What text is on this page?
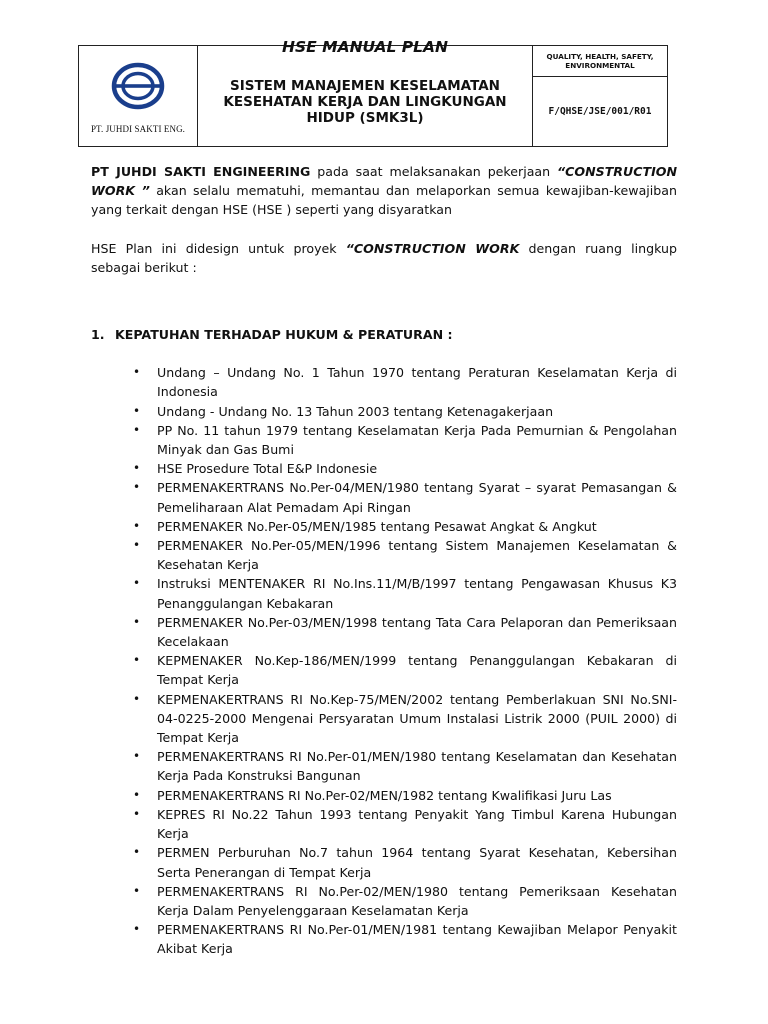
PT. JUHDI SAKTI ENG.

HSE MANUAL PLAN
SISTEM MANAJEMEN KESELAMATAN KESEHATAN KERJA DAN LINGKUNGAN HIDUP (SMK3L)

QUALITY, HEALTH, SAFETY, ENVIRONMENTAL

F/QHSE/JSE/001/R01

PT JUHDI SAKTI ENGINEERING pada saat melaksanakan pekerjaan “CONSTRUCTION WORK ” akan selalu mematuhi, memantau dan melaporkan semua kewajiban-kewajiban yang terkait dengan HSE (HSE ) seperti yang disyaratkan

HSE Plan ini didesign untuk proyek “CONSTRUCTION WORK dengan ruang lingkup sebagai berikut :

1. KEPATUHAN TERHADAP HUKUM & PERATURAN :
• Undang – Undang No. 1 Tahun 1970 tentang Peraturan Keselamatan Kerja di Indonesia
• Undang - Undang No. 13 Tahun 2003 tentang Ketenagakerjaan
• PP No. 11 tahun 1979 tentang Keselamatan Kerja Pada Pemurnian & Pengolahan Minyak dan Gas Bumi
• HSE Prosedure Total E&P Indonesie
• PERMENAKERTRANS No.Per-04/MEN/1980 tentang Syarat – syarat Pemasangan & Pemeliharaan Alat Pemadam Api Ringan
• PERMENAKER No.Per-05/MEN/1985 tentang Pesawat Angkat & Angkut
• PERMENAKER No.Per-05/MEN/1996 tentang Sistem Manajemen Keselamatan & Kesehatan Kerja
• Instruksi MENTENAKER RI No.Ins.11/M/B/1997 tentang Pengawasan Khusus K3 Penanggulangan Kebakaran
• PERMENAKER No.Per-03/MEN/1998 tentang Tata Cara Pelaporan dan Pemeriksaan Kecelakaan
• KEPMENAKER No.Kep-186/MEN/1999 tentang Penanggulangan Kebakaran di Tempat Kerja
• KEPMENAKERTRANS RI No.Kep-75/MEN/2002 tentang Pemberlakuan SNI No.SNI-04-0225-2000 Mengenai Persyaratan Umum Instalasi Listrik 2000 (PUIL 2000) di Tempat Kerja
• PERMENAKERTRANS RI No.Per-01/MEN/1980 tentang Keselamatan dan Kesehatan Kerja Pada Konstruksi Bangunan
• PERMENAKERTRANS RI No.Per-02/MEN/1982 tentang Kwalifikasi Juru Las
• KEPRES RI No.22 Tahun 1993 tentang Penyakit Yang Timbul Karena Hubungan Kerja
• PERMEN Perburuhan No.7 tahun 1964 tentang Syarat Kesehatan, Kebersihan Serta Penerangan di Tempat Kerja
• PERMENAKERTRANS RI No.Per-02/MEN/1980 tentang Pemeriksaan Kesehatan Kerja Dalam Penyelenggaraan Keselamatan Kerja
• PERMENAKERTRANS RI No.Per-01/MEN/1981 tentang Kewajiban Melapor Penyakit Akibat Kerja
